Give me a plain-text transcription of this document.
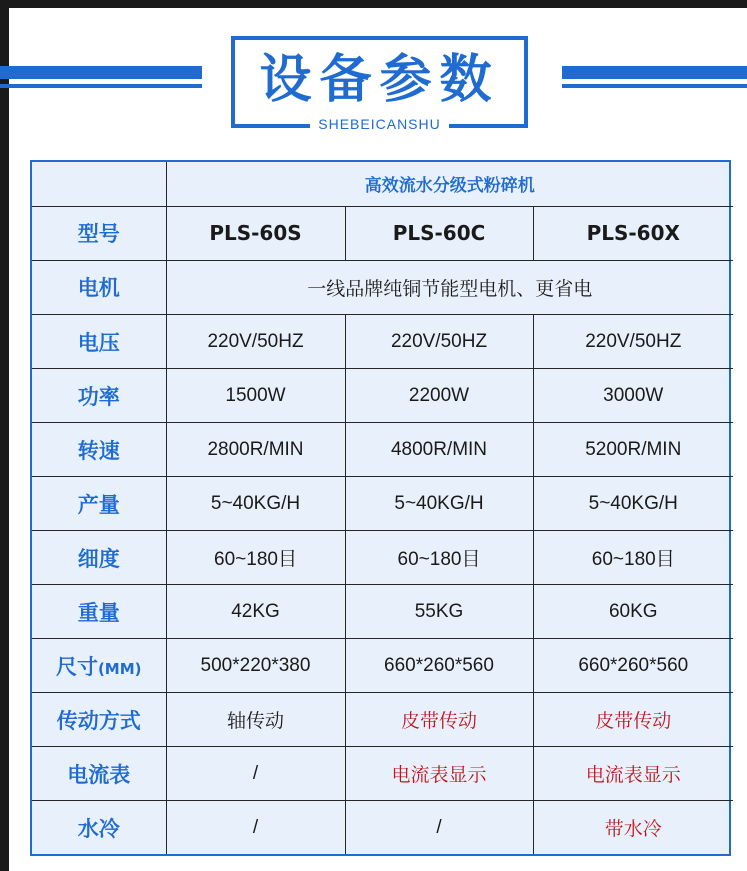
设备参数
SHEBEICANSHU
	高效流水分级式粉碎机		
型号	PLS-60S	PLS-60C	PLS-60X
电机	一线品牌纯铜节能型电机、更省电		
电压	220V/50HZ	220V/50HZ	220V/50HZ
功率	1500W	2200W	3000W
转速	2800R/MIN	4800R/MIN	5200R/MIN
产量	5~40KG/H	5~40KG/H	5~40KG/H
细度	60~180目	60~180目	60~180目
重量	42KG	55KG	60KG
尺寸(MM)	500*220*380	660*260*560	660*260*560
传动方式	轴传动	皮带传动	皮带传动
电流表	/	电流表显示	电流表显示
水冷	/	/	带水冷
